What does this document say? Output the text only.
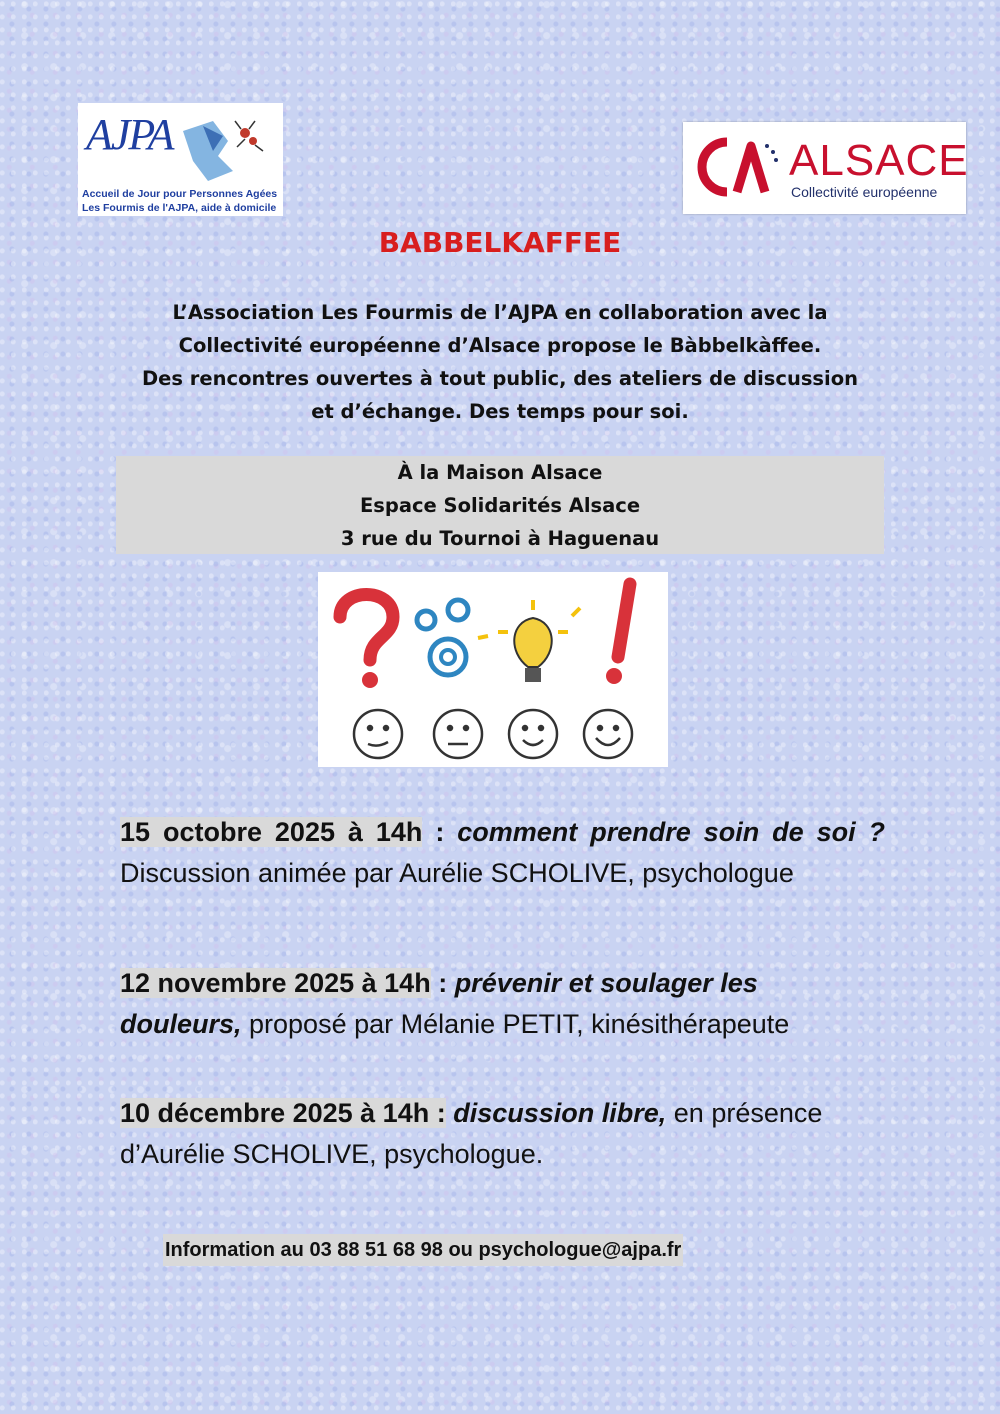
AJPA
Accueil de Jour pour Personnes Agées
Les Fourmis de l'AJPA, aide à domicile
ALSACE
Collectivité européenne
BABBELKAFFEE
L’Association Les Fourmis de l’AJPA en collaboration avec la
Collectivité européenne d’Alsace propose le Bàbbelkàffee.
Des rencontres ouvertes à tout public, des ateliers de discussion
et d’échange. Des temps pour soi.
À la Maison Alsace
Espace Solidarités Alsace
3 rue du Tournoi à Haguenau
15 octobre 2025 à 14h : comment prendre soin de soi ? Discussion animée par Aurélie SCHOLIVE, psychologue
12 novembre 2025 à 14h : prévenir et soulager les douleurs, proposé par Mélanie PETIT, kinésithérapeute
10 décembre 2025 à 14h : discussion libre, en présence d’Aurélie SCHOLIVE, psychologue.
Information au 03 88 51 68 98 ou psychologue@ajpa.fr
